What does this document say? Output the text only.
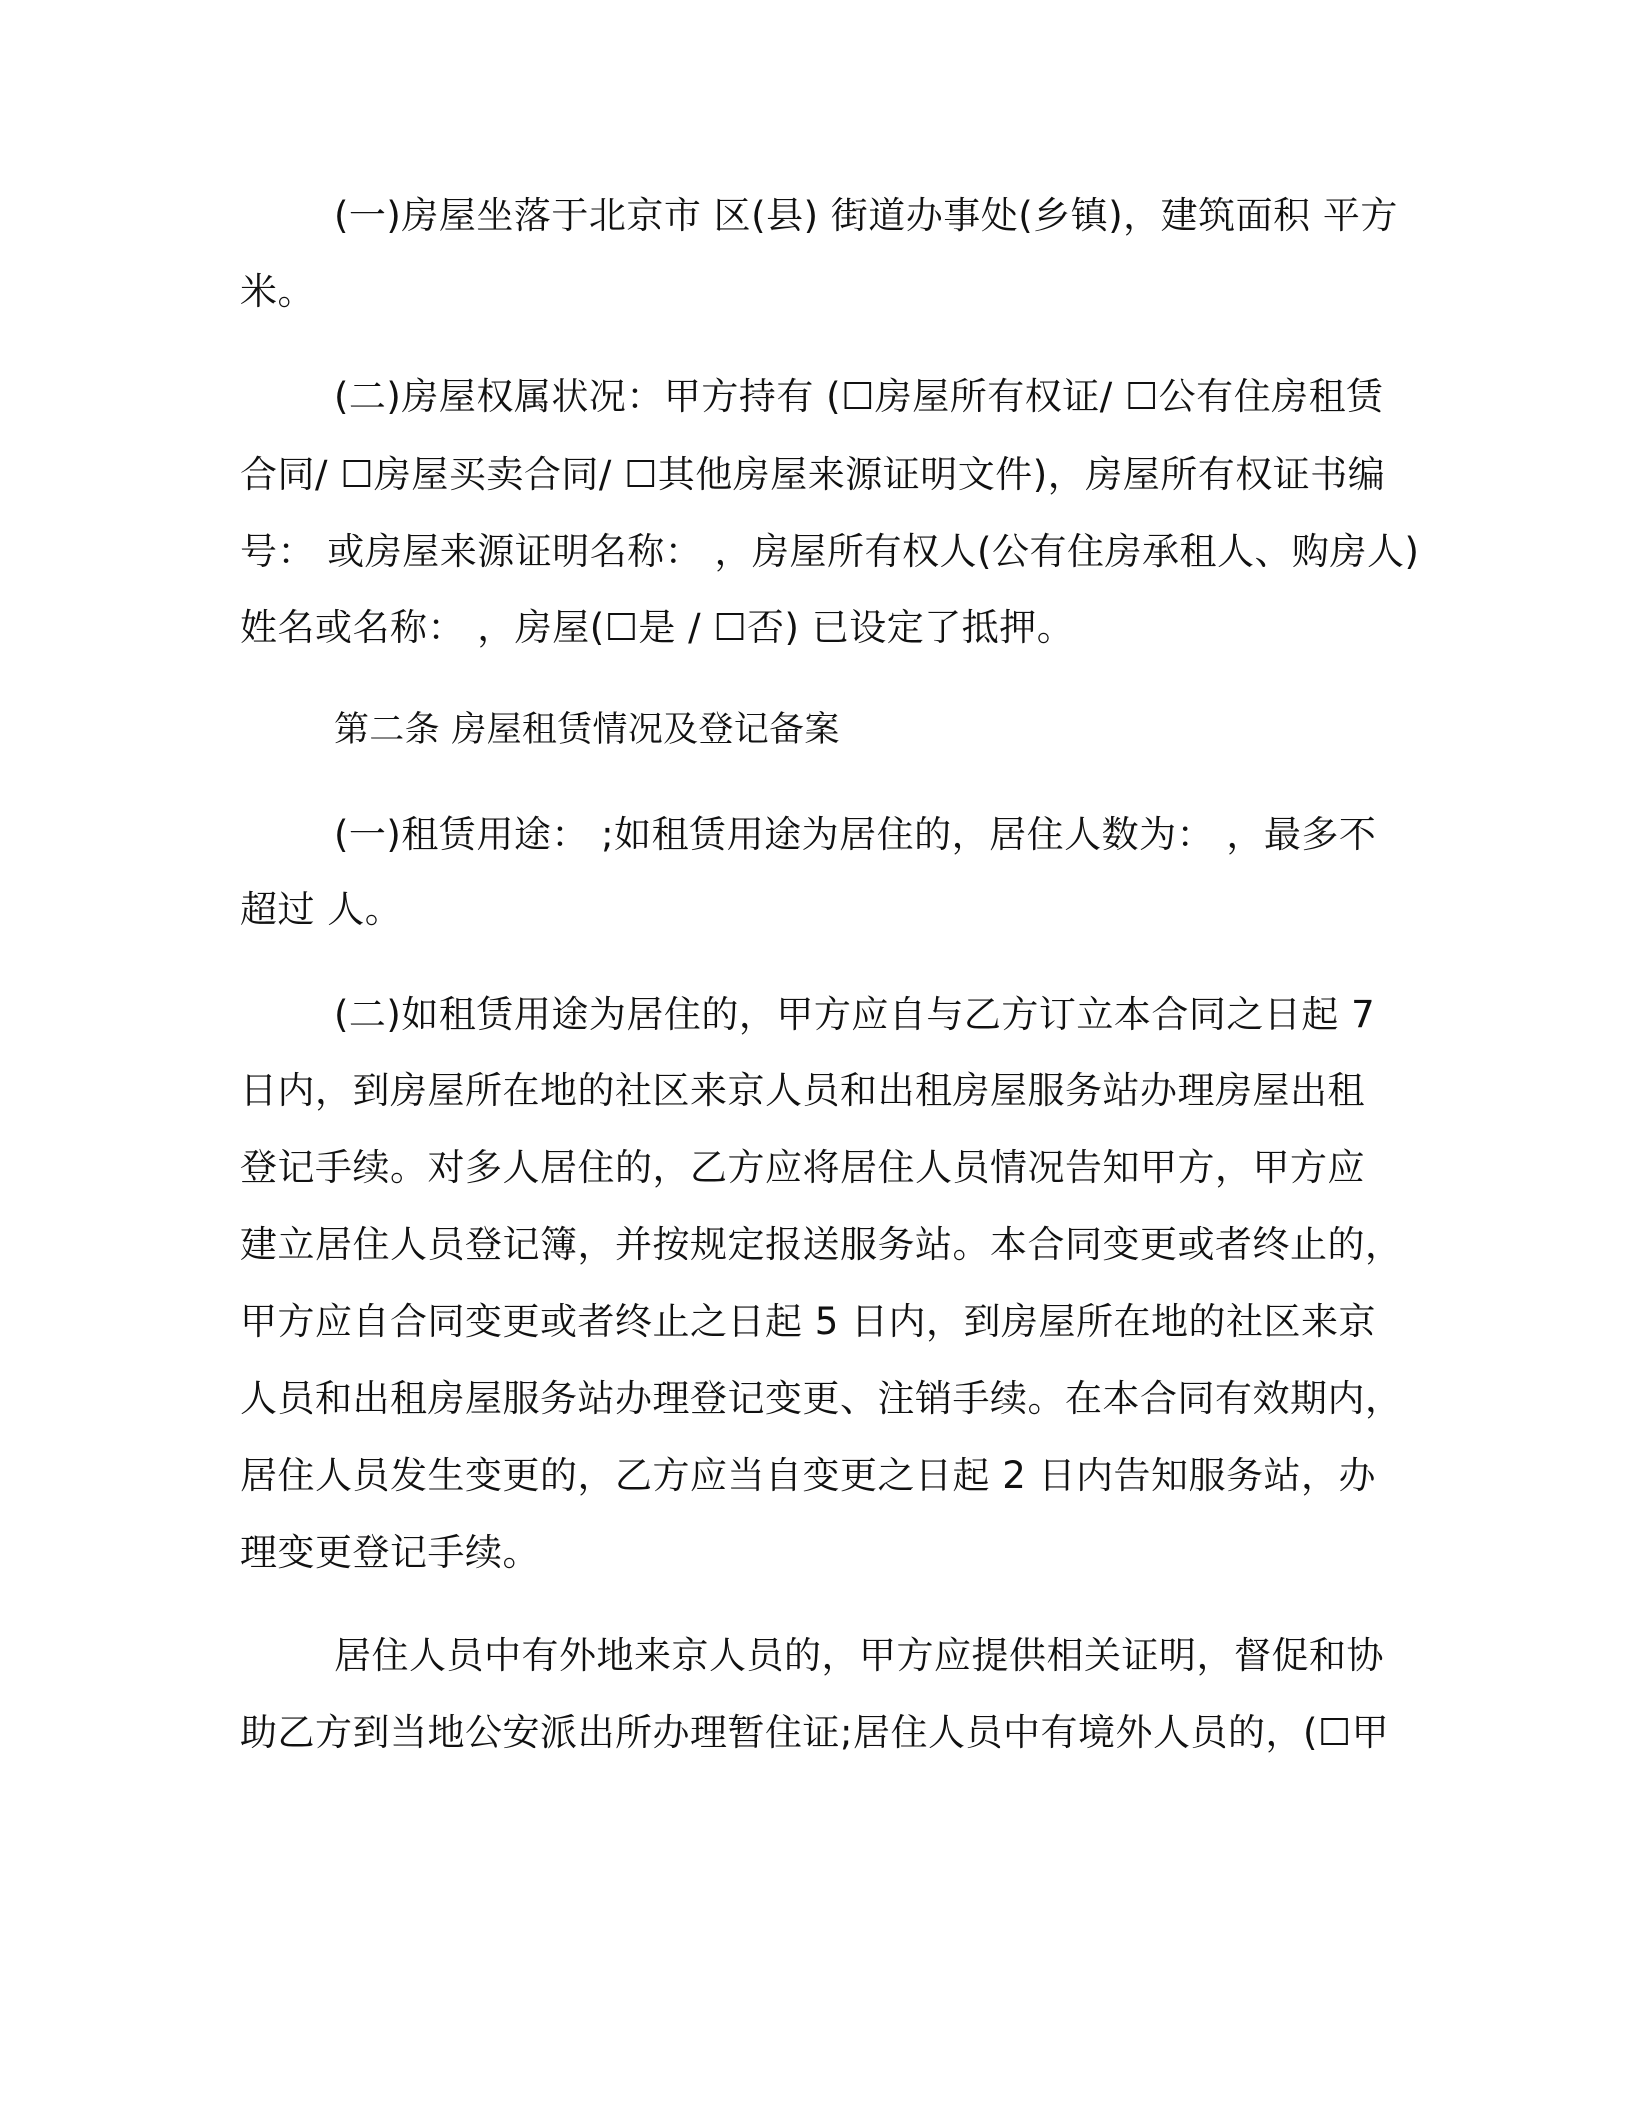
(一)房屋坐落于北京市 区(县) 街道办事处(乡镇)，建筑面积 平方
米。
(二)房屋权属状况：甲方持有 (☐房屋所有权证/ ☐公有住房租赁
合同/ ☐房屋买卖合同/ ☐其他房屋来源证明文件)，房屋所有权证书编
号： 或房屋来源证明名称： ，房屋所有权人(公有住房承租人、购房人)
姓名或名称： ，房屋(☐是 / ☐否) 已设定了抵押。
第二条 房屋租赁情况及登记备案
(一)租赁用途： ;如租赁用途为居住的，居住人数为： ，最多不
超过 人。
(二)如租赁用途为居住的，甲方应自与乙方订立本合同之日起 7
日内，到房屋所在地的社区来京人员和出租房屋服务站办理房屋出租
登记手续。对多人居住的，乙方应将居住人员情况告知甲方，甲方应
建立居住人员登记簿，并按规定报送服务站。本合同变更或者终止的，
甲方应自合同变更或者终止之日起 5 日内，到房屋所在地的社区来京
人员和出租房屋服务站办理登记变更、注销手续。在本合同有效期内，
居住人员发生变更的，乙方应当自变更之日起 2 日内告知服务站，办
理变更登记手续。
居住人员中有外地来京人员的，甲方应提供相关证明，督促和协
助乙方到当地公安派出所办理暂住证;居住人员中有境外人员的，(☐甲
